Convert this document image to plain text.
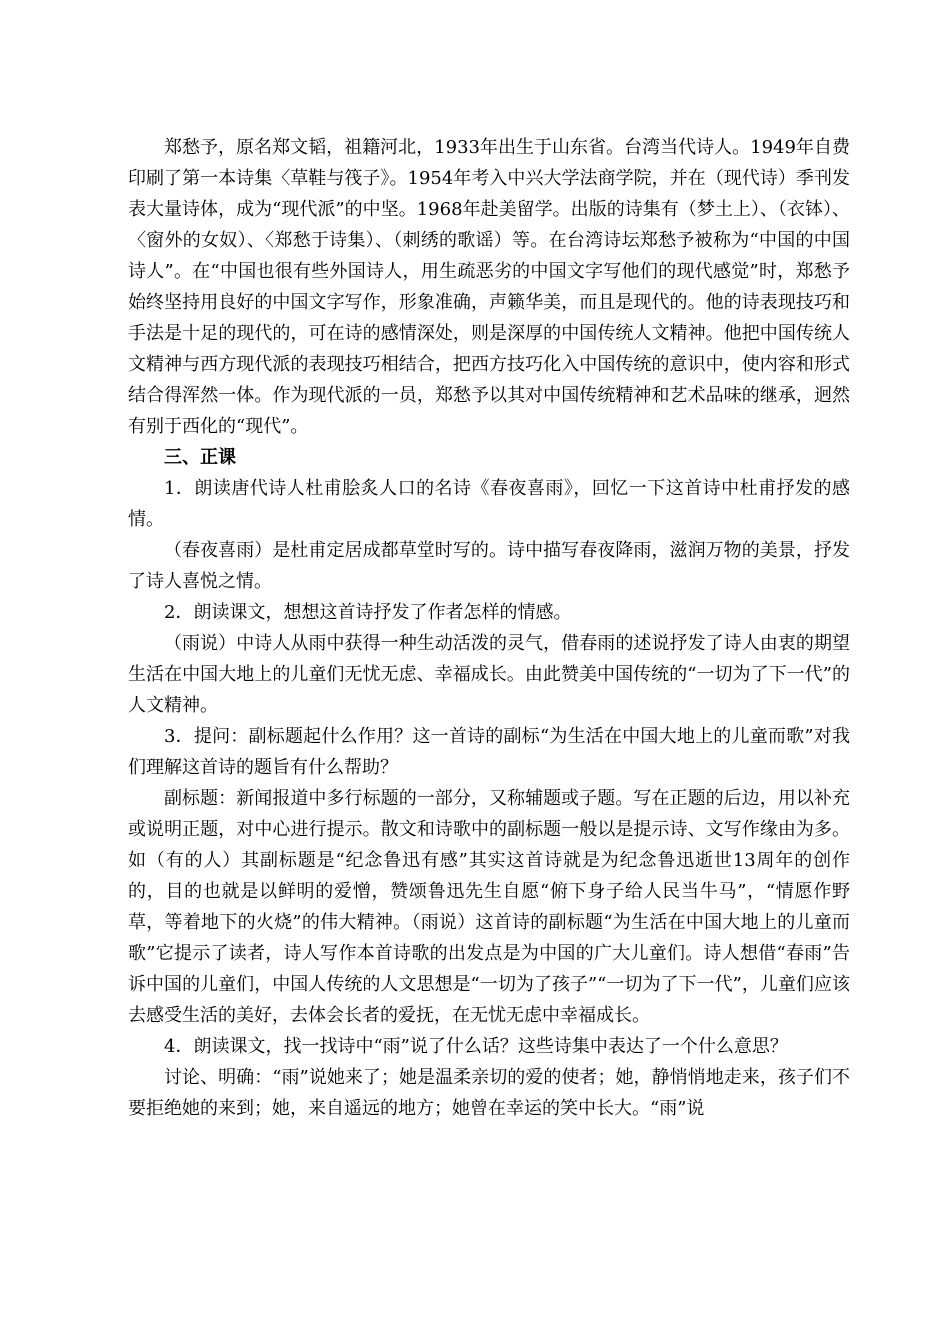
郑愁予，原名郑文韬，祖籍河北，1933年出生于山东省。台湾当代诗人。1949年自费印刷了第一本诗集〈草鞋与筏子》。1954年考入中兴大学法商学院，并在（现代诗）季刊发表大量诗体，成为“现代派”的中坚。1968年赴美留学。出版的诗集有（梦土上）、（衣钵）、〈窗外的女奴）、〈郑愁于诗集）、（刺绣的歌谣）等。在台湾诗坛郑愁予被称为“中国的中国诗人”。在“中国也很有些外国诗人，用生疏恶劣的中国文字写他们的现代感觉”时，郑愁予始终坚持用良好的中国文字写作，形象准确，声籁华美，而且是现代的。他的诗表现技巧和手法是十足的现代的，可在诗的感情深处，则是深厚的中国传统人文精神。他把中国传统人文精神与西方现代派的表现技巧相结合，把西方技巧化入中国传统的意识中，使内容和形式结合得浑然一体。作为现代派的一员，郑愁予以其对中国传统精神和艺术品味的继承，迥然有别于西化的“现代”。

三、正课

1．朗读唐代诗人杜甫脍炙人口的名诗《春夜喜雨》，回忆一下这首诗中杜甫抒发的感情。

（春夜喜雨）是杜甫定居成都草堂时写的。诗中描写春夜降雨，滋润万物的美景，抒发了诗人喜悦之情。

2．朗读课文，想想这首诗抒发了作者怎样的情感。

（雨说）中诗人从雨中获得一种生动活泼的灵气，借春雨的述说抒发了诗人由衷的期望生活在中国大地上的儿童们无忧无虑、幸福成长。由此赞美中国传统的“一切为了下一代”的人文精神。

3．提问：副标题起什么作用？这一首诗的副标“为生活在中国大地上的儿童而歌”对我们理解这首诗的题旨有什么帮助？

副标题：新闻报道中多行标题的一部分，又称辅题或子题。写在正题的后边，用以补充或说明正题，对中心进行提示。散文和诗歌中的副标题一般以是提示诗、文写作缘由为多。如（有的人）其副标题是“纪念鲁迅有感”其实这首诗就是为纪念鲁迅逝世13周年的创作的，目的也就是以鲜明的爱憎，赞颂鲁迅先生自愿“俯下身子给人民当牛马”，“情愿作野草，等着地下的火烧”的伟大精神。（雨说）这首诗的副标题“为生活在中国大地上的儿童而歌”它提示了读者，诗人写作本首诗歌的出发点是为中国的广大儿童们。诗人想借“春雨”告诉中国的儿童们，中国人传统的人文思想是“一切为了孩子”“一切为了下一代”，儿童们应该去感受生活的美好，去体会长者的爱抚，在无忧无虑中幸福成长。

4．朗读课文，找一找诗中“雨”说了什么话？这些诗集中表达了一个什么意思？

讨论、明确：“雨”说她来了；她是温柔亲切的爱的使者；她，静悄悄地走来，孩子们不要拒绝她的来到；她，来自遥远的地方；她曾在幸运的笑中长大。“雨”说
